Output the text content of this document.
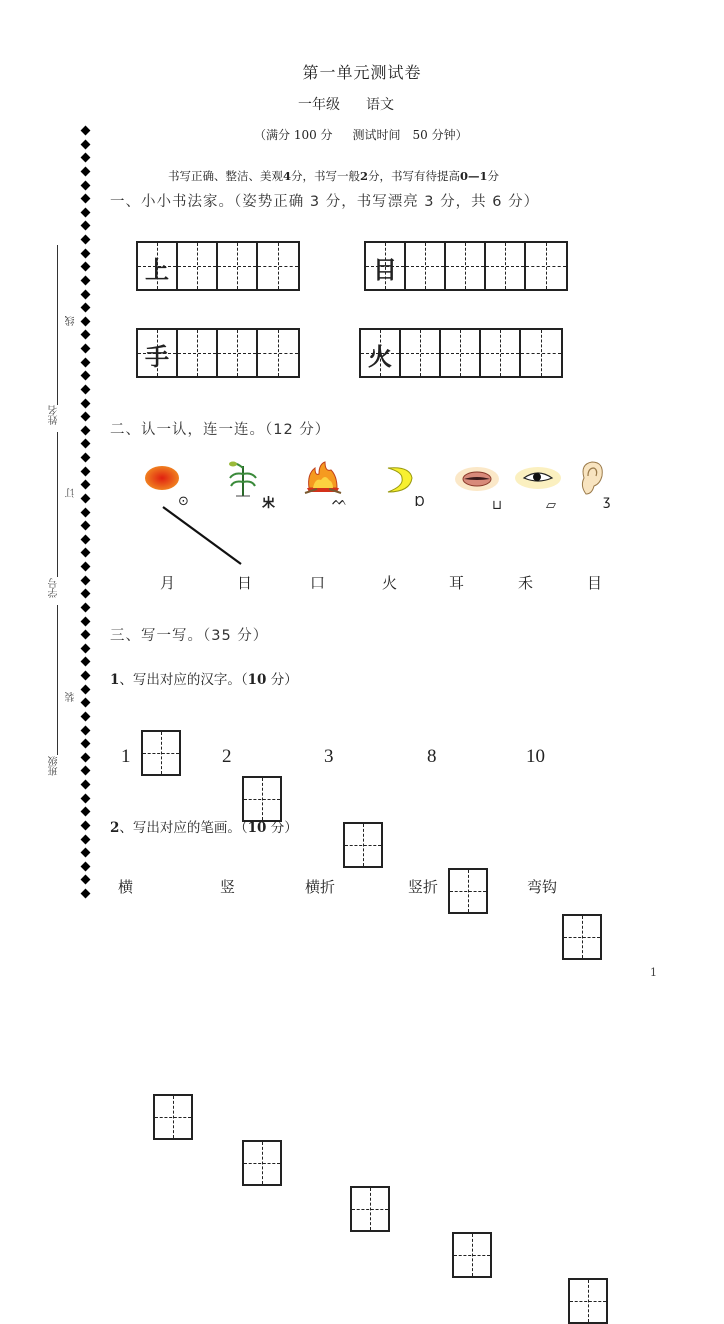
第一单元测试卷
一年级 语文
（满分 100 分 测试时间　50 分钟）
书写正确、整洁、美观4分，书写一般2分，书写有待提高0—1分
线
订
装
姓名
学号
班级
一、小小书法家。（姿势正确 3 分，书写漂亮 3 分，共 6 分）
上	目
手	火
二、认一认，连一连。（12 分）
⊙	𣎵	ᨓ	Ɒ	⊔	▱	ʒ
月	日	口	火	耳	禾	目
三、写一写。（35 分）
1、写出对应的汉字。（10 分）
1	2	3	8	10
2、写出对应的笔画。（10 分）
横	竖	横折	竖折	弯钩
1
